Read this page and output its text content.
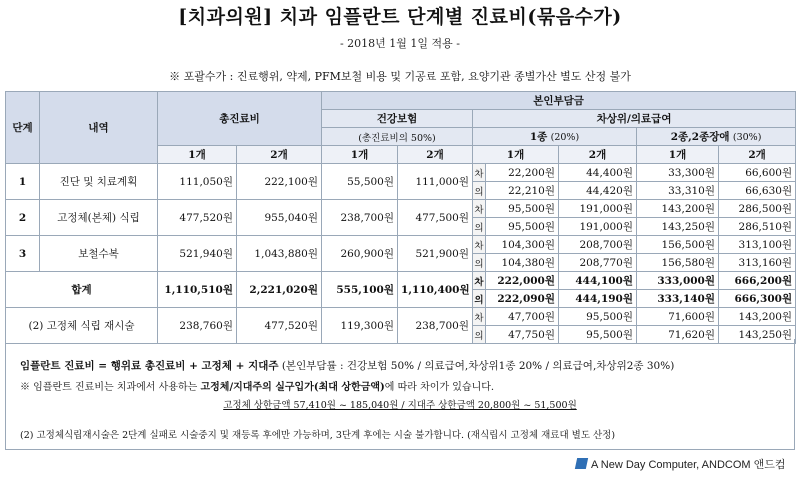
[치과의원] 치과 임플란트 단계별 진료비(묶음수가)
- 2018년 1월 1일 적용 -
※ 포괄수가 : 진료행위, 약제, PFM보철 비용 및 기공료 포함, 요양기관 종별가산 별도 산정 불가
단계	내역	총진료비		본인부담금						
				건강보험		차상위/의료급여				
				(총진료비의 50%)		1종 (20%)			2종,2종장애 (30%)	
		1개	2개	1개	2개	1개		2개	1개	2개
1	진단 및 치료계획	111,050원	222,100원	55,500원	111,000원	차	22,200원	44,400원	33,300원	66,600원
						의	22,210원	44,420원	33,310원	66,630원
2	고정체(본체) 식립	477,520원	955,040원	238,700원	477,500원	차	95,500원	191,000원	143,200원	286,500원
						의	95,500원	191,000원	143,250원	286,510원
3	보철수복	521,940원	1,043,880원	260,900원	521,900원	차	104,300원	208,700원	156,500원	313,100원
						의	104,380원	208,770원	156,580원	313,160원
합계		1,110,510원	2,221,020원	555,100원	1,110,400원	차	222,000원	444,100원	333,000원	666,200원
						의	222,090원	444,190원	333,140원	666,300원
(2) 고정체 식립 재시술		238,760원	477,520원	119,300원	238,700원	차	47,700원	95,500원	71,600원	143,200원
						의	47,750원	95,500원	71,620원	143,250원
임플란트 진료비 = 행위료 총진료비 + 고정체 + 지대주 (본인부담률 : 건강보험 50% / 의료급여,차상위1종 20% / 의료급여,차상위2종 30%)
※ 임플란트 진료비는 치과에서 사용하는 고정체/지대주의 실구입가(최대 상한금액)에 따라 차이가 있습니다.
고정체 상한금액 57,410원 ~ 185,040원 / 지대주 상한금액 20,800원 ~ 51,500원
(2) 고정체식립재시술은 2단계 실패로 시술중지 및 재등록 후에만 가능하며, 3단계 후에는 시술 불가합니다. (재식립시 고정체 재료대 별도 산정)
A New Day Computer, ANDCOM 앤드컴
